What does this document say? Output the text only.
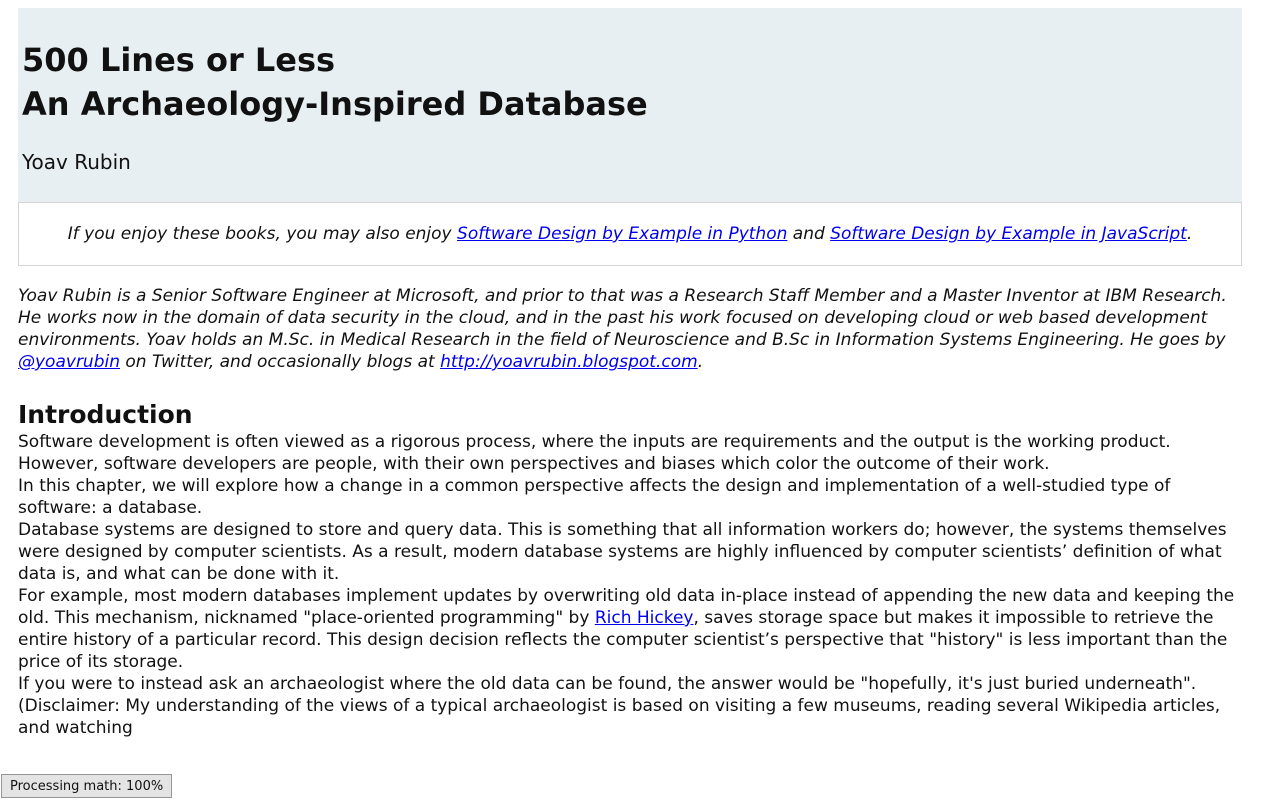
500 Lines or Less
An Archaeology-Inspired Database

Yoav Rubin

If you enjoy these books, you may also enjoy Software Design by Example in Python and Software Design by Example in JavaScript.

Yoav Rubin is a Senior Software Engineer at Microsoft, and prior to that was a Research Staff Member and a Master Inventor at IBM Research. He works now in the domain of data security in the cloud, and in the past his work focused on developing cloud or web based development environments. Yoav holds an M.Sc. in Medical Research in the field of Neuroscience and B.Sc in Information Systems Engineering. He goes by @yoavrubin on Twitter, and occasionally blogs at http://yoavrubin.blogspot.com.

Introduction

Software development is often viewed as a rigorous process, where the inputs are requirements and the output is the working product. However, software developers are people, with their own perspectives and biases which color the outcome of their work.

In this chapter, we will explore how a change in a common perspective affects the design and implementation of a well-studied type of software: a database.

Database systems are designed to store and query data. This is something that all information workers do; however, the systems themselves were designed by computer scientists. As a result, modern database systems are highly influenced by computer scientists’ definition of what data is, and what can be done with it.

For example, most modern databases implement updates by overwriting old data in-place instead of appending the new data and keeping the old. This mechanism, nicknamed "place-oriented programming" by Rich Hickey, saves storage space but makes it impossible to retrieve the entire history of a particular record. This design decision reflects the computer scientist’s perspective that "history" is less important than the price of its storage.

If you were to instead ask an archaeologist where the old data can be found, the answer would be "hopefully, it's just buried underneath".

(Disclaimer: My understanding of the views of a typical archaeologist is based on visiting a few museums, reading several Wikipedia articles, and watching

Processing math: 100%
